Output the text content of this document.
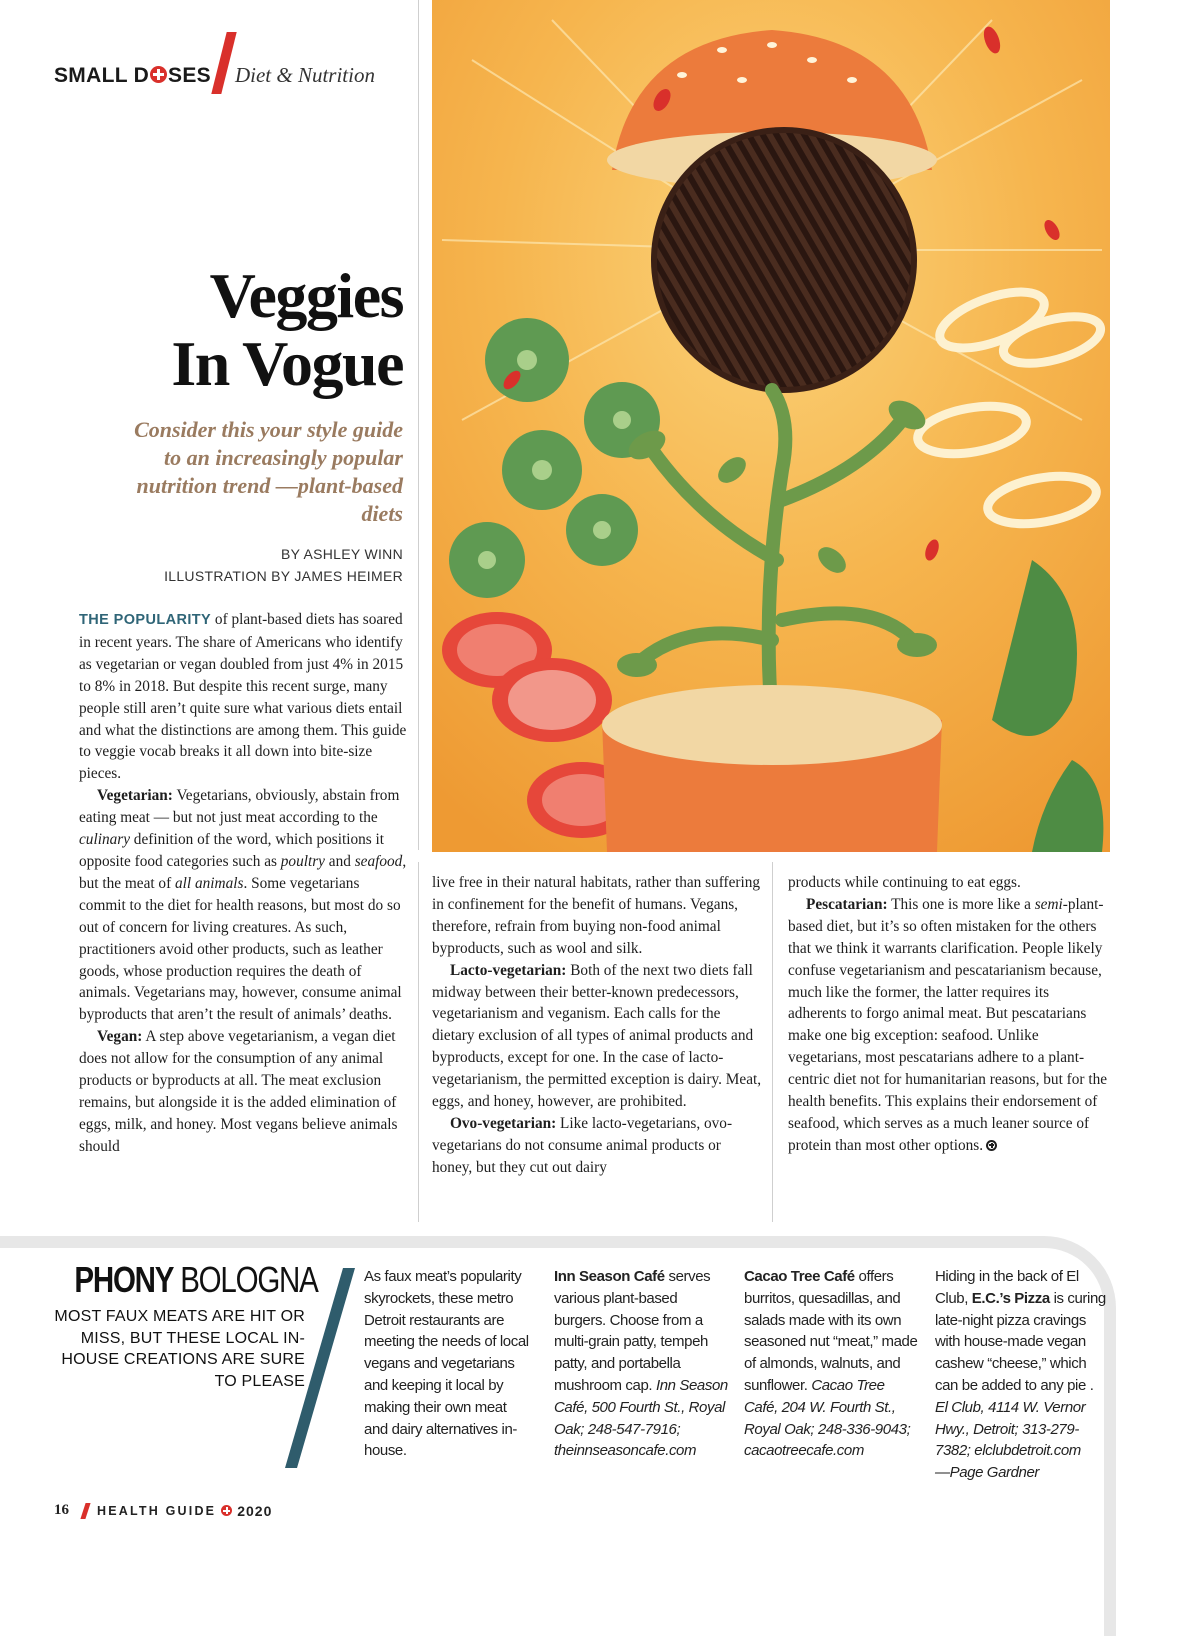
SMALL D SES Diet & Nutrition
Veggies
In Vogue
Consider this your style guide to an increasingly popular nutrition trend —plant-based diets
BY ASHLEY WINN
ILLUSTRATION BY JAMES HEIMER

THE POPULARITY of plant-based diets has soared in recent years. The share of Americans who identify as vegetarian or vegan doubled from just 4% in 2015 to 8% in 2018. But despite this recent surge, many people still aren’t quite sure what various diets entail and what the distinctions are among them. This guide to veggie vocab breaks it all down into bite-size pieces.

Vegetarian: Vegetarians, obviously, abstain from eating meat — but not just meat according to the culinary definition of the word, which positions it opposite food categories such as poultry and seafood, but the meat of all animals. Some vegetarians commit to the diet for health reasons, but most do so out of concern for living creatures. As such, practitioners avoid other products, such as leather goods, whose production requires the death of animals. Vegetarians may, however, consume animal byproducts that aren’t the result of animals’ deaths.

Vegan: A step above vegetarianism, a vegan diet does not allow for the consumption of any animal products or byproducts at all. The meat exclusion remains, but alongside it is the added elimination of eggs, milk, and honey. Most vegans believe animals should

live free in their natural habitats, rather than suffering in confinement for the benefit of humans. Vegans, therefore, refrain from buying non-food animal byproducts, such as wool and silk.

Lacto-vegetarian: Both of the next two diets fall midway between their better-known predecessors, vegetarianism and veganism. Each calls for the dietary exclusion of all types of animal products and byproducts, except for one. In the case of lacto-vegetarianism, the permitted exception is dairy. Meat, eggs, and honey, however, are prohibited.

Ovo-vegetarian: Like lacto-vegetarians, ovo-vegetarians do not consume animal products or honey, but they cut out dairy

products while continuing to eat eggs.

Pescatarian: This one is more like a semi-plant-based diet, but it’s so often mistaken for the others that we think it warrants clarification. People likely confuse vegetarianism and pescatarianism because, much like the former, the latter requires its adherents to forgo animal meat. But pescatarians make one big exception: seafood. Unlike vegetarians, most pescatarians adhere to a plant-centric diet not for humanitarian reasons, but for the health benefits. This explains their endorsement of seafood, which serves as a much leaner source of protein than most other options.

PHONY BOLOGNA
MOST FAUX MEATS ARE HIT OR MISS, BUT THESE LOCAL IN-HOUSE CREATIONS ARE SURE TO PLEASE
As faux meat’s popularity skyrockets, these metro Detroit restaurants are meeting the needs of local vegans and vegetarians and keeping it local by making their own meat and dairy alternatives in-house.
Inn Season Café serves various plant-based burgers. Choose from a multi-grain patty, tempeh patty, and portabella mushroom cap. Inn Season Café, 500 Fourth St., Royal Oak; 248-547-7916; theinnseasoncafe.com
Cacao Tree Café offers burritos, quesadillas, and salads made with its own seasoned nut “meat,” made of almonds, walnuts, and sunflower. Cacao Tree Café, 204 W. Fourth St., Royal Oak; 248-336-9043; cacaotreecafe.com
Hiding in the back of El Club, E.C.’s Pizza is curing late-night pizza cravings with house-made vegan cashew “cheese,” which can be added to any pie . El Club, 4114 W. Vernor Hwy., Detroit; 313-279-7382; elclubdetroit.com
—Page Gardner
16 HEALTH GUIDE 2020
